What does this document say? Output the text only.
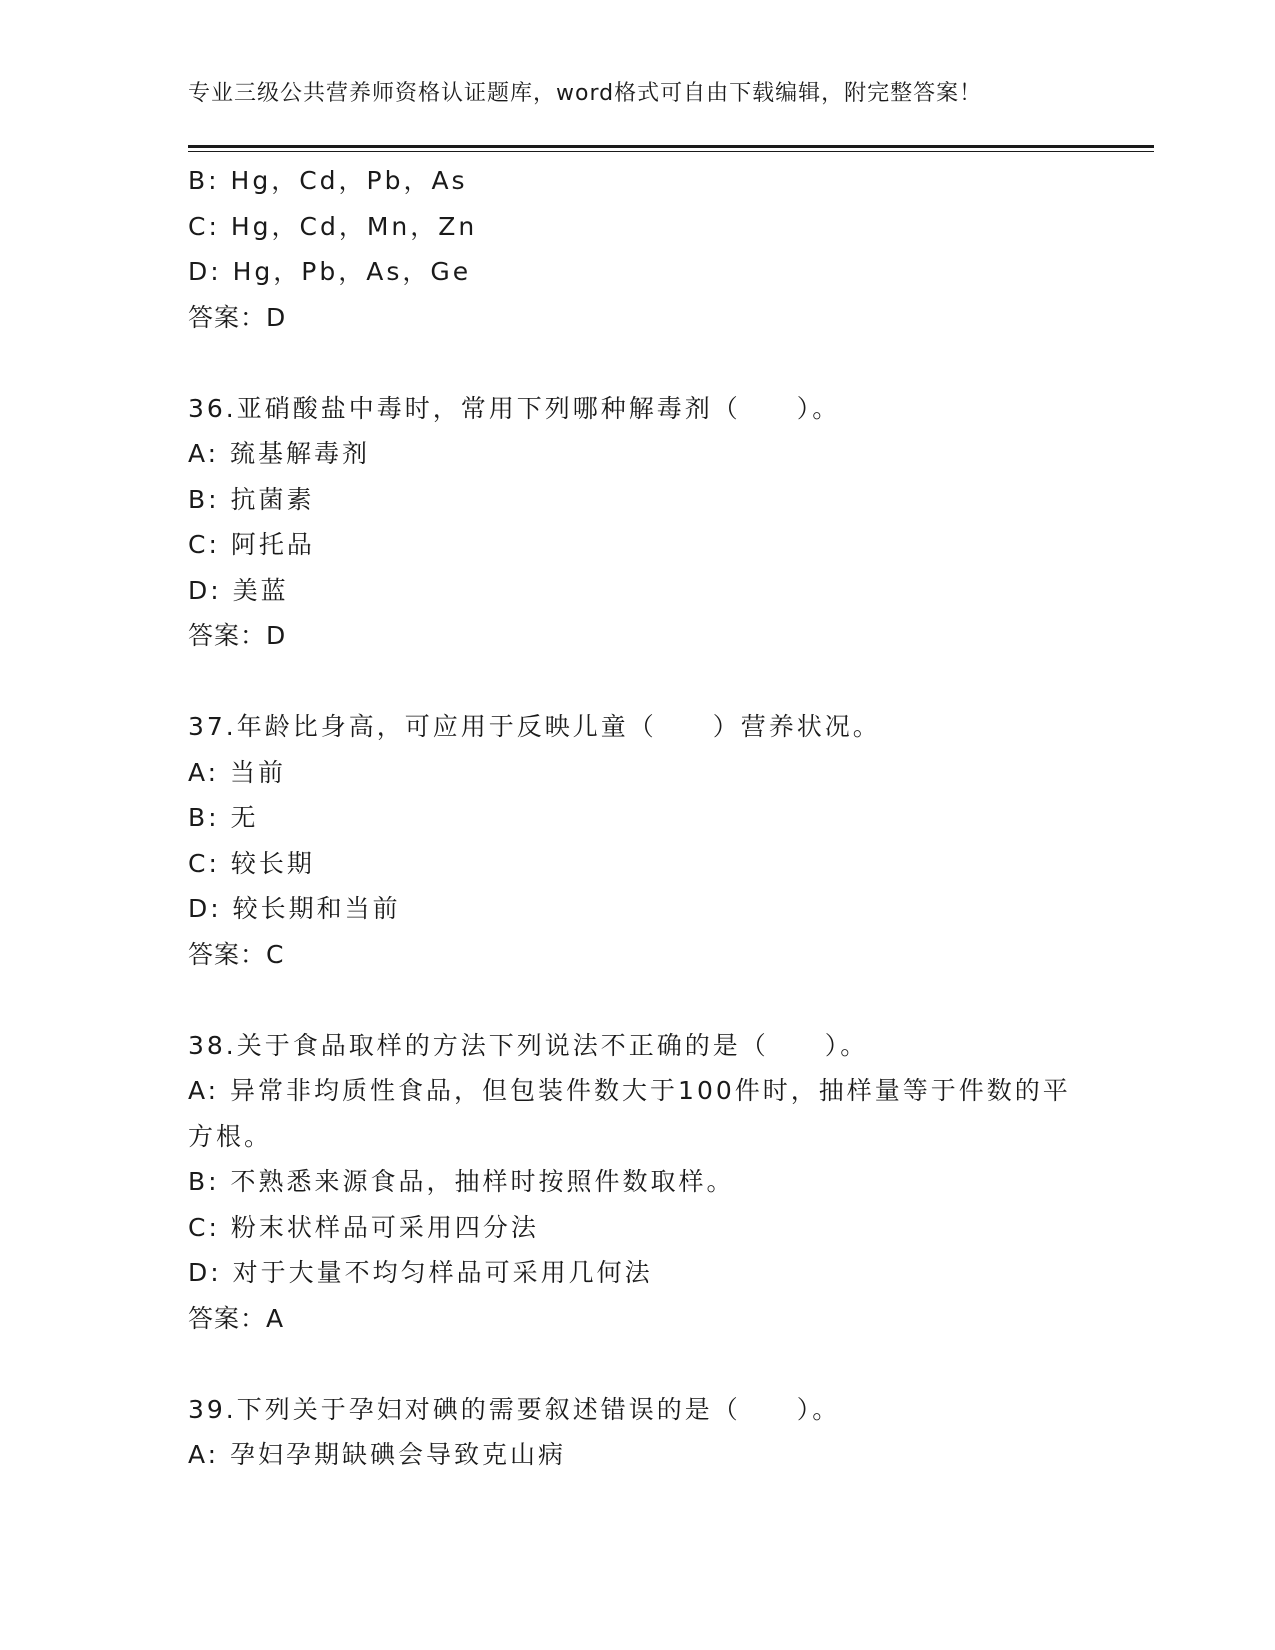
专业三级公共营养师资格认证题库，word格式可自由下载编辑，附完整答案！
B: Hg，Cd，Pb，As
C: Hg，Cd，Mn，Zn
D: Hg，Pb，As，Ge
答案：D
36.亚硝酸盐中毒时，常用下列哪种解毒剂（　　）。
A: 巯基解毒剂
B: 抗菌素
C: 阿托品
D: 美蓝
答案：D
37.年龄比身高，可应用于反映儿童（　　）营养状况。
A: 当前
B: 无
C: 较长期
D: 较长期和当前
答案：C
38.关于食品取样的方法下列说法不正确的是（　　）。
A: 异常非均质性食品，但包装件数大于100件时，抽样量等于件数的平方根。
B: 不熟悉来源食品，抽样时按照件数取样。
C: 粉末状样品可采用四分法
D: 对于大量不均匀样品可采用几何法
答案：A
39.下列关于孕妇对碘的需要叙述错误的是（　　）。
A: 孕妇孕期缺碘会导致克山病
